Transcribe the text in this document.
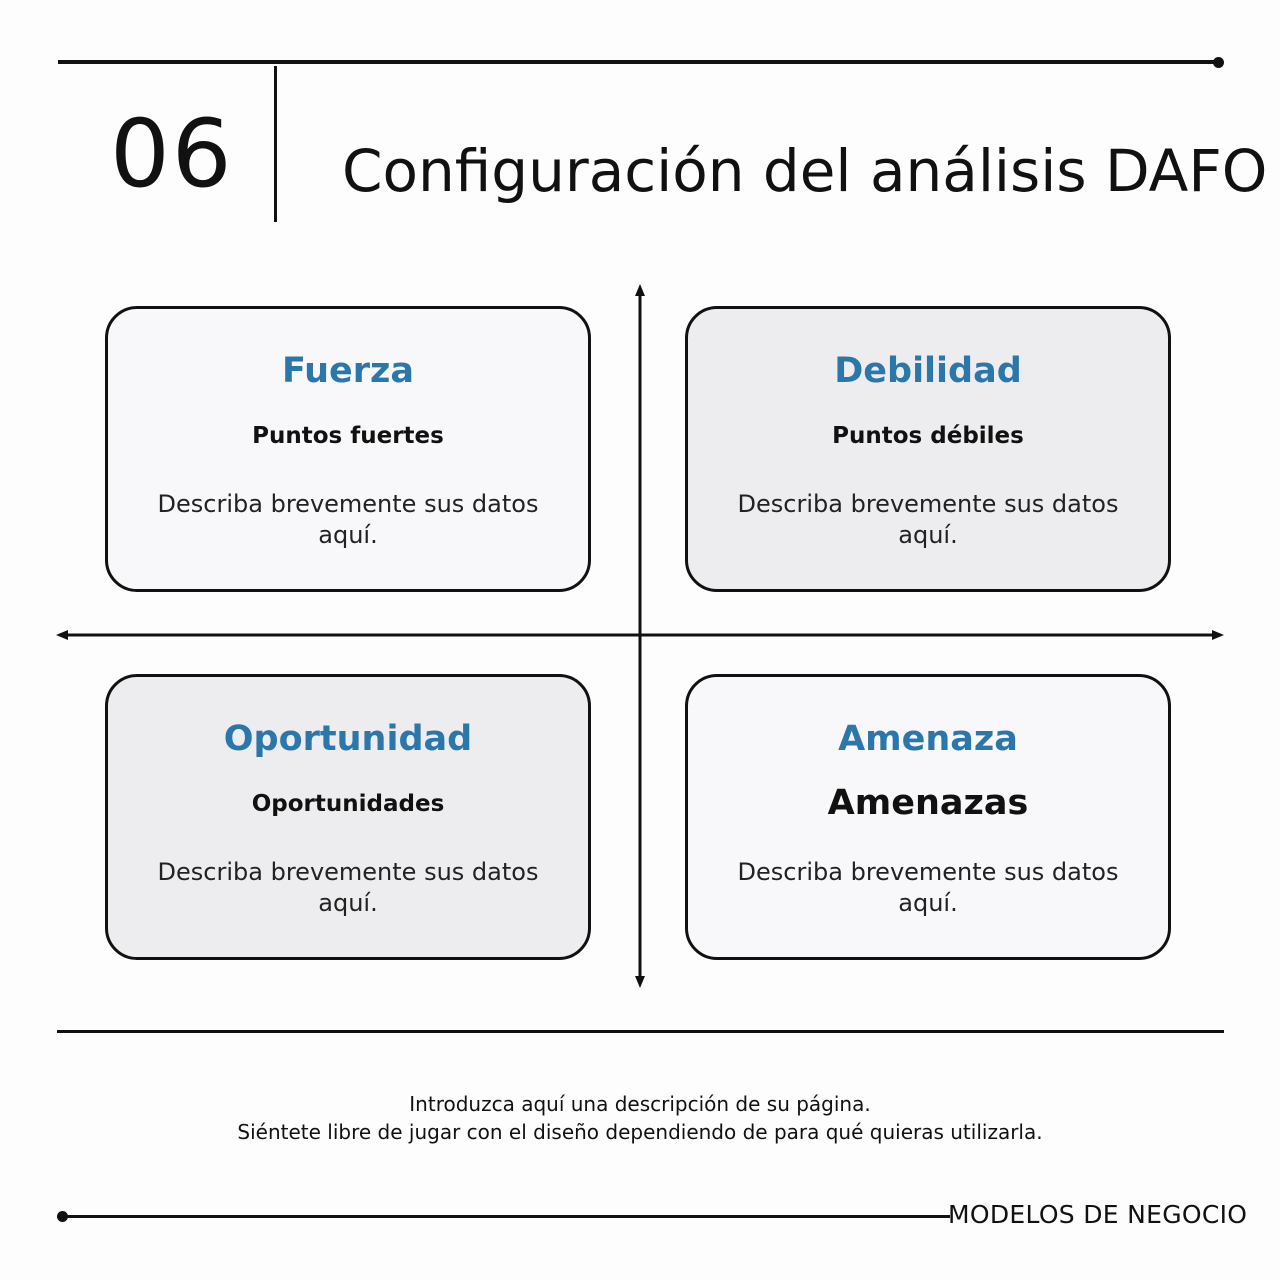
06	Configuración del análisis DAFO
Fuerza
Puntos fuertes
Describa brevemente sus datos aquí.
Debilidad
Puntos débiles
Describa brevemente sus datos aquí.
Oportunidad
Oportunidades
Describa brevemente sus datos aquí.
Amenaza
Amenazas
Describa brevemente sus datos aquí.
Introduzca aquí una descripción de su página.
Siéntete libre de jugar con el diseño dependiendo de para qué quieras utilizarla.
MODELOS DE NEGOCIO
